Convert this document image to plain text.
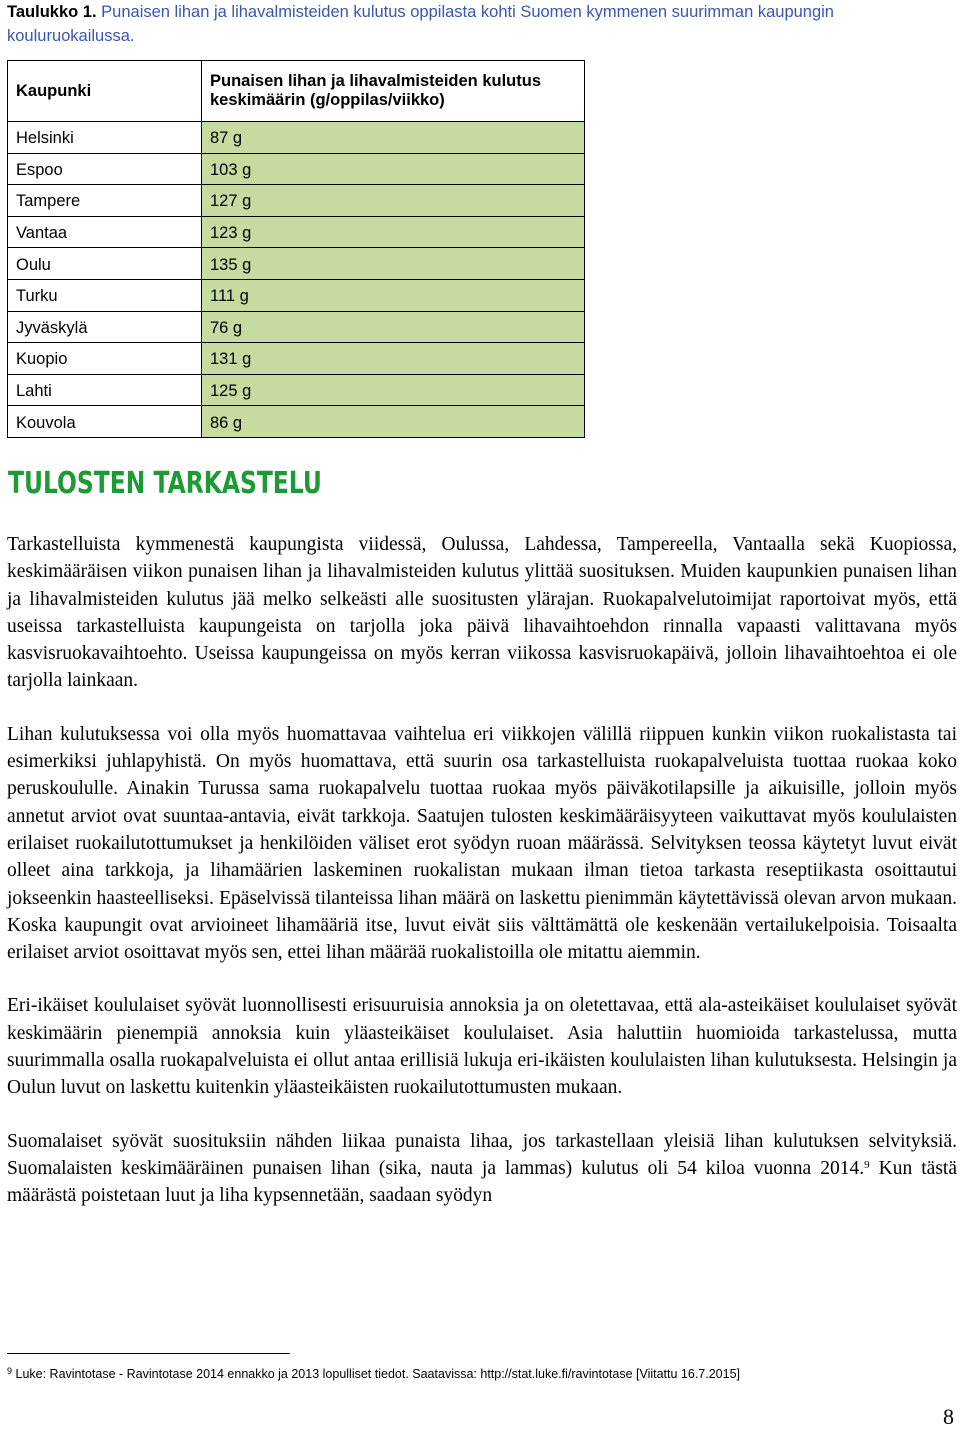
Taulukko 1. Punaisen lihan ja lihavalmisteiden kulutus oppilasta kohti Suomen kymmenen suurimman kaupungin kouluruokailussa.
Kaupunki	Punaisen lihan ja lihavalmisteiden kulutus keskimäärin (g/oppilas/viikko)
Helsinki	87 g
Espoo	103 g
Tampere	127 g
Vantaa	123 g
Oulu	135 g
Turku	111 g
Jyväskylä	76 g
Kuopio	131 g
Lahti	125 g
Kouvola	86 g
TULOSTEN TARKASTELU

Tarkastelluista kymmenestä kaupungista viidessä, Oulussa, Lahdessa, Tampereella, Vantaalla sekä Kuopiossa, keskimääräisen viikon punaisen lihan ja lihavalmisteiden kulutus ylittää suosituksen. Muiden kaupunkien punaisen lihan ja lihavalmisteiden kulutus jää melko selkeästi alle suositusten ylärajan. Ruokapalvelutoimijat raportoivat myös, että useissa tarkastelluista kaupungeista on tarjolla joka päivä lihavaihtoehdon rinnalla vapaasti valittavana myös kasvisruokavaihtoehto. Useissa kaupungeissa on myös kerran viikossa kasvisruokapäivä, jolloin lihavaihtoehtoa ei ole tarjolla lainkaan.

Lihan kulutuksessa voi olla myös huomattavaa vaihtelua eri viikkojen välillä riippuen kunkin viikon ruokalistasta tai esimerkiksi juhlapyhistä. On myös huomattava, että suurin osa tarkastelluista ruokapalveluista tuottaa ruokaa koko peruskoululle. Ainakin Turussa sama ruokapalvelu tuottaa ruokaa myös päiväkotilapsille ja aikuisille, jolloin myös annetut arviot ovat suuntaa-antavia, eivät tarkkoja. Saatujen tulosten keskimääräisyyteen vaikuttavat myös koululaisten erilaiset ruokailutottumukset ja henkilöiden väliset erot syödyn ruoan määrässä. Selvityksen teossa käytetyt luvut eivät olleet aina tarkkoja, ja lihamäärien laskeminen ruokalistan mukaan ilman tietoa tarkasta reseptiikasta osoittautui jokseenkin haasteelliseksi. Epäselvissä tilanteissa lihan määrä on laskettu pienimmän käytettävissä olevan arvon mukaan. Koska kaupungit ovat arvioineet lihamääriä itse, luvut eivät siis välttämättä ole keskenään vertailukelpoisia. Toisaalta erilaiset arviot osoittavat myös sen, ettei lihan määrää ruokalistoilla ole mitattu aiemmin.

Eri-ikäiset koululaiset syövät luonnollisesti erisuuruisia annoksia ja on oletettavaa, että ala-asteikäiset koululaiset syövät keskimäärin pienempiä annoksia kuin yläasteikäiset koululaiset. Asia haluttiin huomioida tarkastelussa, mutta suurimmalla osalla ruokapalveluista ei ollut antaa erillisiä lukuja eri-ikäisten koululaisten lihan kulutuksesta. Helsingin ja Oulun luvut on laskettu kuitenkin yläasteikäisten ruokailutottumusten mukaan.

Suomalaiset syövät suosituksiin nähden liikaa punaista lihaa, jos tarkastellaan yleisiä lihan kulutuksen selvityksiä. Suomalaisten keskimääräinen punaisen lihan (sika, nauta ja lammas) kulutus oli 54 kiloa vuonna 2014.$^9$ Kun tästä määrästä poistetaan luut ja liha kypsennetään, saadaan syödyn

$^9$ Luke: Ravintotase - Ravintotase 2014 ennakko ja 2013 lopulliset tiedot. Saatavissa: http://stat.luke.fi/ravintotase [Viitattu 16.7.2015]
8
